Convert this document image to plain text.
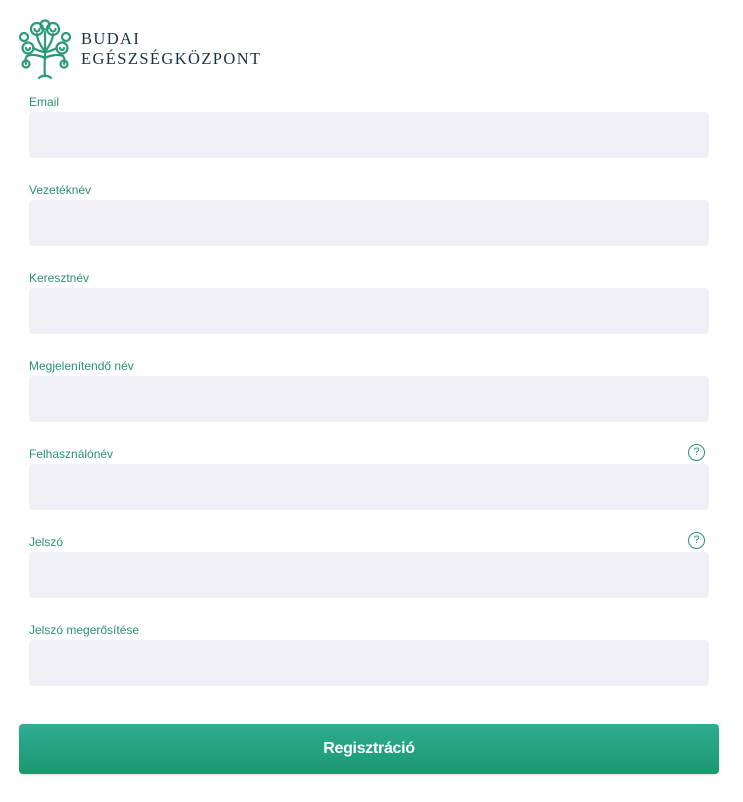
BUDAI
EGÉSZSÉGKÖZPONT
Email
Vezetéknév
Keresztnév
Megjelenítendő név
Felhasználónév	?
Jelszó	?
Jelszó megerősítése
Regisztráció
